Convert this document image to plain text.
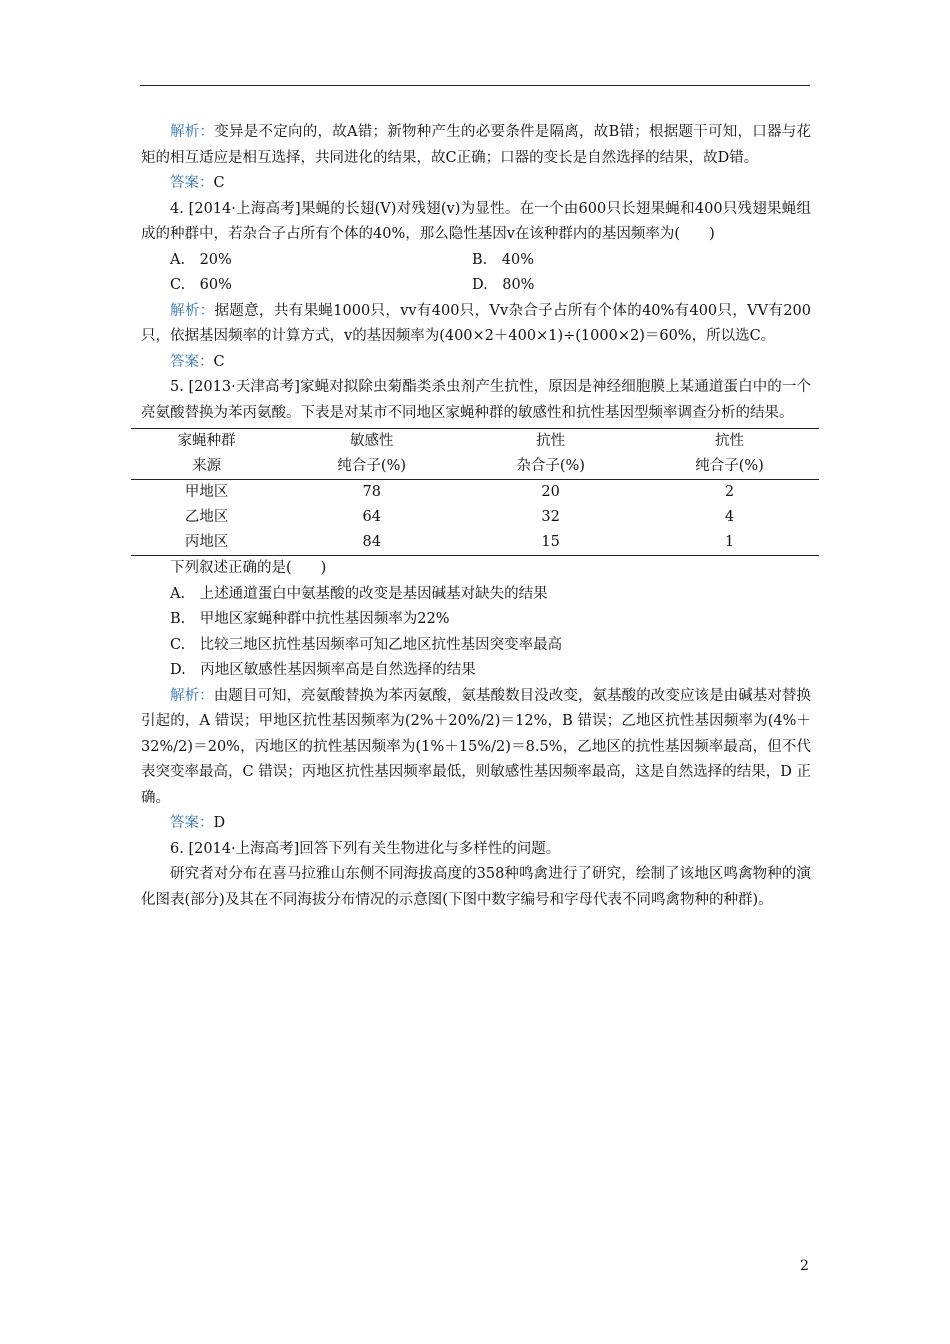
解析：变异是不定向的，故A错；新物种产生的必要条件是隔离，故B错；根据题干可知，口器与花矩的相互适应是相互选择，共同进化的结果，故C正确；口器的变长是自然选择的结果，故D错。

答案：C

4. [2014·上海高考]果蝇的长翅(V)对残翅(v)为显性。在一个由600只长翅果蝇和400只残翅果蝇组成的种群中，若杂合子占所有个体的40%，那么隐性基因v在该种群内的基因频率为(　　)

A.　20%	B.　40%
C.　60%	D.　80%

解析：据题意，共有果蝇1000只，vv有400只，Vv杂合子占所有个体的40%有400只，VV有200只，依据基因频率的计算方式，v的基因频率为(400×2＋400×1)÷(1000×2)＝60%，所以选C。

答案：C

5. [2013·天津高考]家蝇对拟除虫菊酯类杀虫剂产生抗性，原因是神经细胞膜上某通道蛋白中的一个亮氨酸替换为苯丙氨酸。下表是对某市不同地区家蝇种群的敏感性和抗性基因型频率调查分析的结果。

家蝇种群	敏感性	抗性	抗性
来源	纯合子(%)	杂合子(%)	纯合子(%)
甲地区	78	20	2
乙地区	64	32	4
丙地区	84	15	1

下列叙述正确的是(　　)

A.　上述通道蛋白中氨基酸的改变是基因碱基对缺失的结果
B.　甲地区家蝇种群中抗性基因频率为22%
C.　比较三地区抗性基因频率可知乙地区抗性基因突变率最高
D.　丙地区敏感性基因频率高是自然选择的结果

解析：由题目可知，亮氨酸替换为苯丙氨酸，氨基酸数目没改变，氨基酸的改变应该是由碱基对替换引起的，A 错误；甲地区抗性基因频率为(2%＋20%/2)＝12%，B 错误；乙地区抗性基因频率为(4%＋32%/2)＝20%，丙地区的抗性基因频率为(1%＋15%/2)＝8.5%，乙地区的抗性基因频率最高，但不代表突变率最高，C 错误；丙地区抗性基因频率最低，则敏感性基因频率最高，这是自然选择的结果，D 正确。

答案：D

6. [2014·上海高考]回答下列有关生物进化与多样性的问题。

研究者对分布在喜马拉雅山东侧不同海拔高度的358种鸣禽进行了研究，绘制了该地区鸣禽物种的演化图表(部分)及其在不同海拔分布情况的示意图(下图中数字编号和字母代表不同鸣禽物种的种群)。

2
